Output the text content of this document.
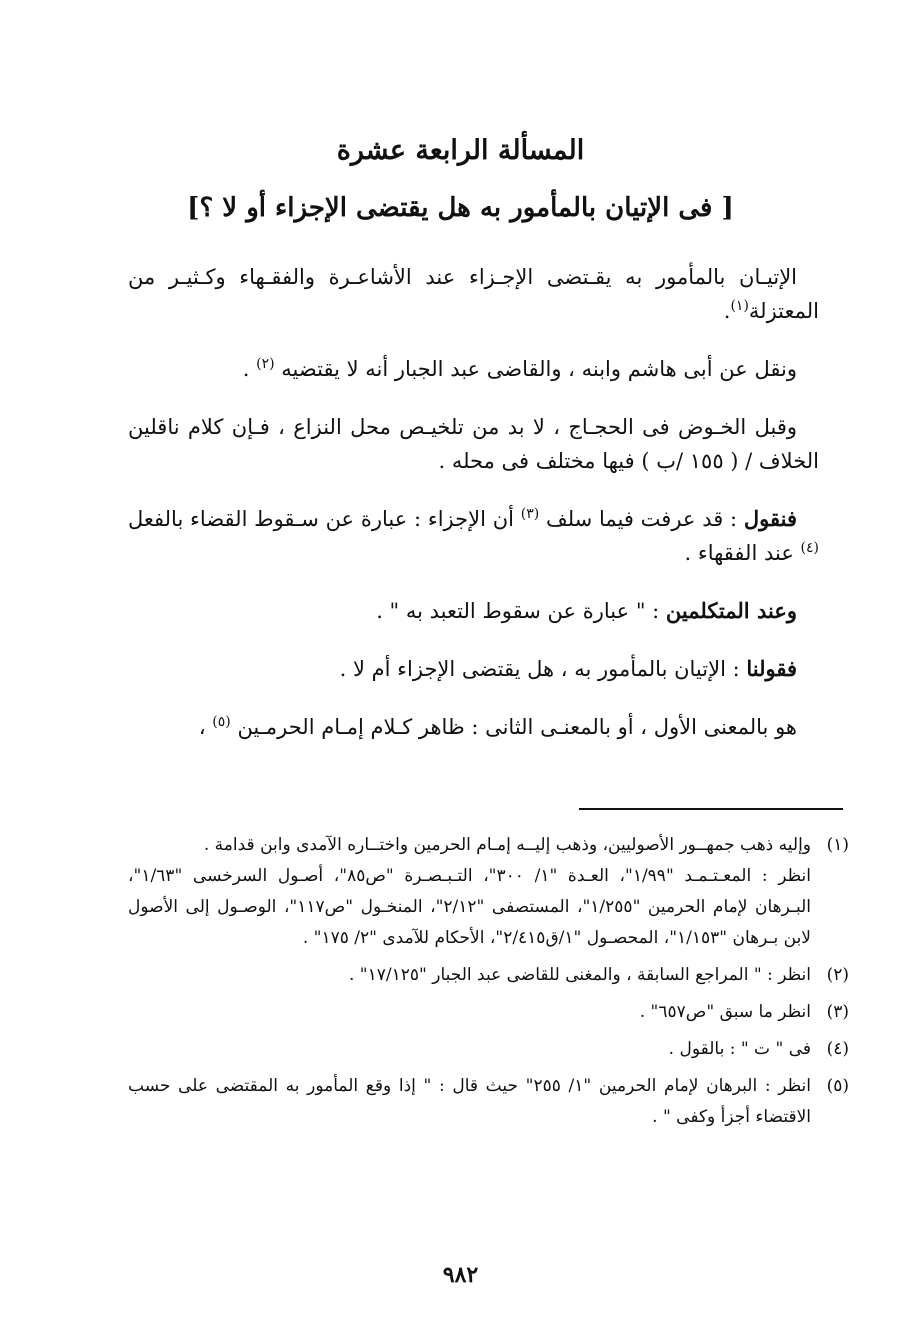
المسألة الرابعة عشرة
[ فى الإتيان بالمأمور به هل يقتضى الإجزاء أو لا ؟]

الإتيـان بالمأمور به يقـتضى الإجـزاء عند الأشاعـرة والفقـهاء وكـثيـر من المعتزلة$^{(١)}$.

ونقل عن أبى هاشم وابنه ، والقاضى عبد الجبار أنه لا يقتضيه $^{(٢)}$ .

وقبل الخـوض فى الحجـاج ، لا بد من تلخيـص محل النزاع ، فـإن كلام ناقلين الخلاف / ( ١٥٥ /ب ) فيها مختلف فى محله .

فنقول : قد عرفت فيما سلف $^{(٣)}$ أن الإجزاء : عبارة عن سـقوط القضاء بالفعل $^{(٤)}$ عند الفقهاء .

وعند المتكلمين : " عبارة عن سقوط التعبد به " .

فقولنا : الإتيان بالمأمور به ، هل يقتضى الإجزاء أم لا .

هو بالمعنى الأول ، أو بالمعنـى الثانى : ظاهر كـلام إمـام الحرمـين $^{(٥)}$ ،

(١)
وإليه ذهب جمهــور الأصوليين، وذهب إليــه إمـام الحرمين واختــاره الآمدى وابن قدامة .
انظر : المعـتـمـد "١/٩٩"، العـدة "١/ ٣٠٠"، التـبـصـرة "ص٨٥"، أصـول السرخسى "١/٦٣"، البـرهان لإمام الحرمين "١/٢٥٥"، المستصفى "٢/١٢"، المنخـول "ص١١٧"، الوصـول إلى الأصول لابن بـرهان "١/١٥٣"، المحصـول "١/ق٢/٤١٥"، الأحكام للآمدى "٢/ ١٧٥" .
(٢)
انظر : " المراجع السابقة ، والمغنى للقاضى عبد الجبار "١٧/١٢٥" .
(٣)
انظر ما سبق "ص٦٥٧" .
(٤)
فى " ت " : بالقول .
(٥)
انظر : البرهان لإمام الحرمين "١/ ٢٥٥" حيث قال : " إذا وقع المأمور به المقتضى على حسب الاقتضاء أجزأ وكفى " .
٩٨٢
